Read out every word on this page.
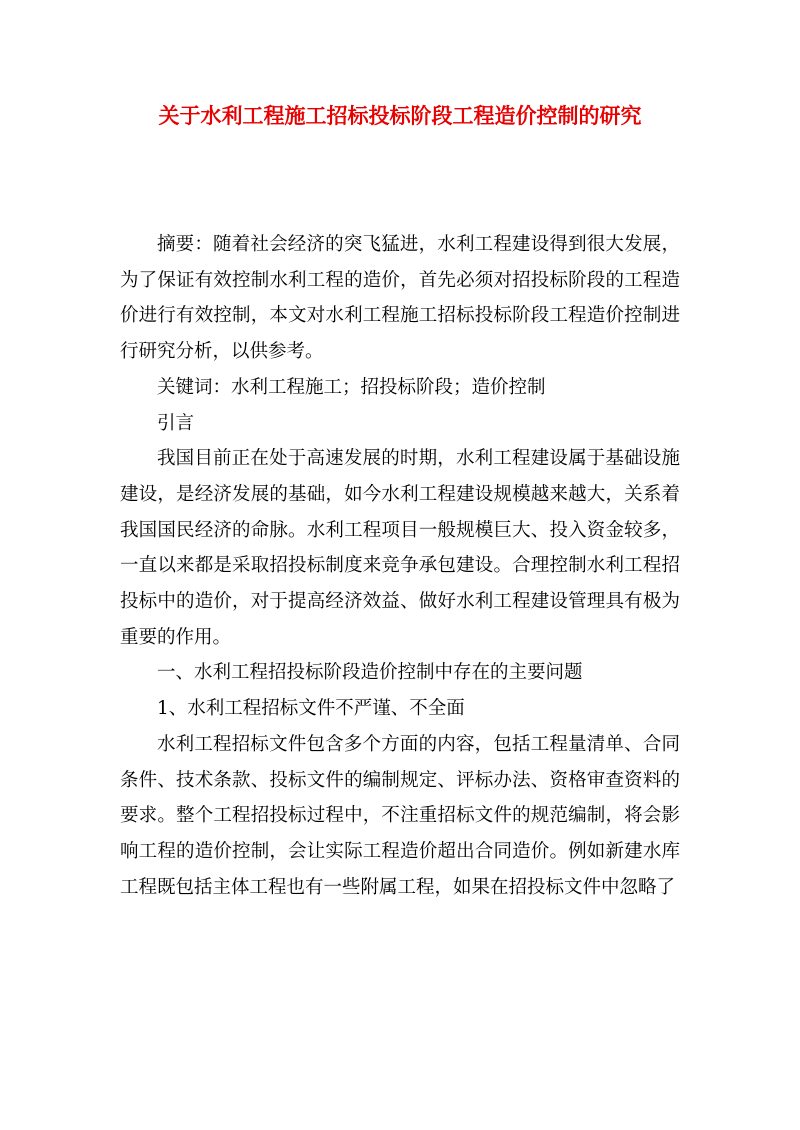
关于水利工程施工招标投标阶段工程造价控制的研究

摘要：随着社会经济的突飞猛进，水利工程建设得到很大发展，为了保证有效控制水利工程的造价，首先必须对招投标阶段的工程造价进行有效控制，本文对水利工程施工招标投标阶段工程造价控制进行研究分析，以供参考。

关键词：水利工程施工；招投标阶段；造价控制

引言

我国目前正在处于高速发展的时期，水利工程建设属于基础设施建设，是经济发展的基础，如今水利工程建设规模越来越大，关系着我国国民经济的命脉。水利工程项目一般规模巨大、投入资金较多，一直以来都是采取招投标制度来竞争承包建设。合理控制水利工程招投标中的造价，对于提高经济效益、做好水利工程建设管理具有极为重要的作用。

一、水利工程招投标阶段造价控制中存在的主要问题

1、水利工程招标文件不严谨、不全面

水利工程招标文件包含多个方面的内容，包括工程量清单、合同条件、技术条款、投标文件的编制规定、评标办法、资格审查资料的要求。整个工程招投标过程中，不注重招标文件的规范编制，将会影响工程的造价控制，会让实际工程造价超出合同造价。例如新建水库工程既包括主体工程也有一些附属工程，如果在招投标文件中忽略了
